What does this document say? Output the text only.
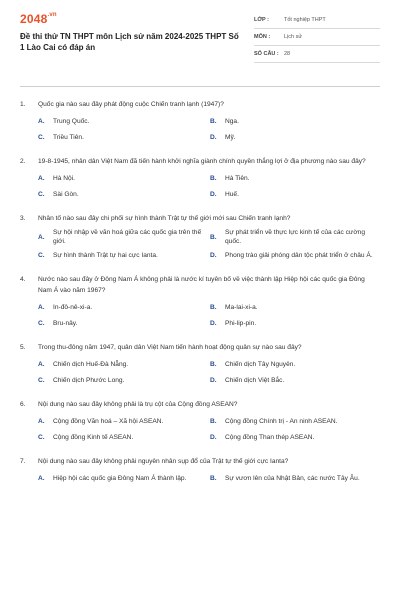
$2048^{.vn}$
Đề thi thử TN THPT môn Lịch sử năm 2024-2025 THPT Số 1 Lào Cai có đáp án
LỚP :	Tốt nghiệp THPT
MÔN :	Lịch sử
SỐ CÂU : 28
1.	Quốc gia nào sau đây phát động cuộc Chiến tranh lạnh (1947)?
A.	Trung Quốc.	B.	Nga.
C.	Triều Tiên.	D.	Mỹ.
2.	19-8-1945, nhân dân Việt Nam đã tiến hành khởi nghĩa giành chính quyền thắng lợi ở địa phương nào sau đây?
A.	Hà Nội.	B.	Hà Tiên.
C.	Sài Gòn.	D.	Huế.
3.	Nhân tố nào sau đây chi phối sự hình thành Trật tự thế giới mới sau Chiến tranh lạnh?
A.
Sự hội nhập về văn hoá giữa các quốc gia trên thế giới.
B.
Sự phát triển về thực lực kinh tế của các cường quốc.
C.	Sự hình thành Trật tự hai cực Ianta.	D.	Phong trào giải phóng dân tộc phát triển ở châu Á.
4.	Nước nào sau đây ở Đông Nam Á không phải là nước kí tuyên bố về việc thành lập Hiệp hội các quốc gia Đông Nam Á vào năm 1967?
A.	In-đô-nê-xi-a.	B.	Ma-lai-xi-a.
C.	Bru-nây.	D.	Phi-lip-pin.
5.	Trong thu-đông năm 1947, quân dân Việt Nam tiến hành hoạt động quân sự nào sau đây?
A.	Chiến dịch Huế-Đà Nẵng.	B.	Chiến dịch Tây Nguyên.
C.	Chiến dịch Phước Long.	D.	Chiến dịch Việt Bắc.
6.	Nội dung nào sau đây không phải là trụ cột của Cộng đồng ASEAN?
A.	Cộng đồng Văn hoá – Xã hội ASEAN.	B.	Cộng đồng Chính trị - An ninh ASEAN.
C.	Cộng đồng Kinh tế ASEAN.	D.	Cộng đồng Than thép ASEAN.
7.	Nội dung nào sau đây không phải nguyên nhân sụp đổ của Trật tự thế giới cực Ianta?
A.	Hiệp hội các quốc gia Đông Nam Á thành lập.	B.	Sự vươn lên của Nhật Bản, các nước Tây Âu.
